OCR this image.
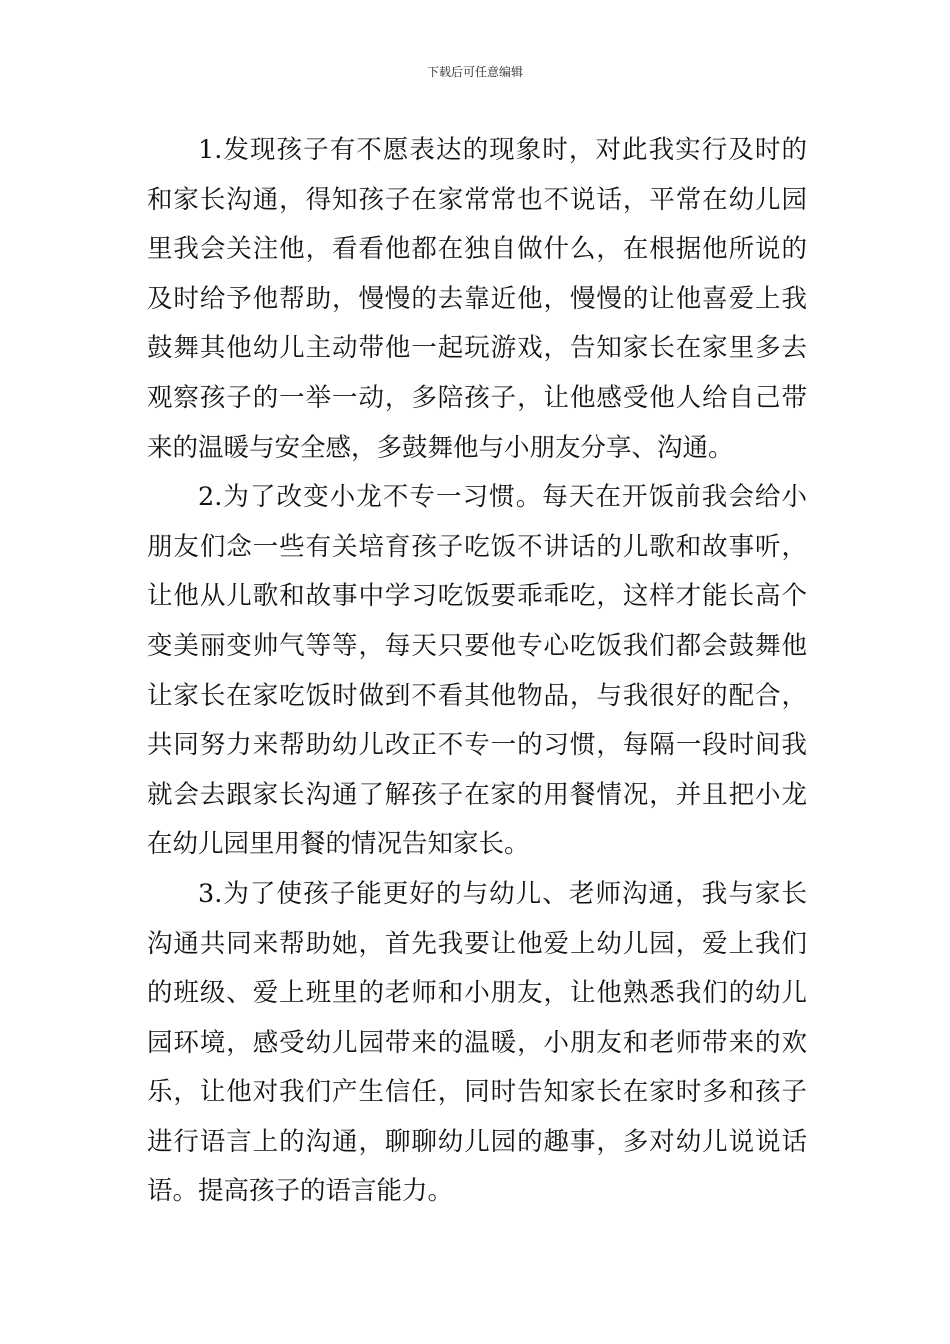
下载后可任意编辑

1.发现孩子有不愿表达的现象时，对此我实行及时的和家长沟通，得知孩子在家常常也不说话，平常在幼儿园里我会关注他，看看他都在独自做什么，在根据他所说的及时给予他帮助，慢慢的去靠近他，慢慢的让他喜爱上我鼓舞其他幼儿主动带他一起玩游戏，告知家长在家里多去观察孩子的一举一动，多陪孩子，让他感受他人给自己带来的温暖与安全感，多鼓舞他与小朋友分享、沟通。

2.为了改变小龙不专一习惯。每天在开饭前我会给小朋友们念一些有关培育孩子吃饭不讲话的儿歌和故事听，让他从儿歌和故事中学习吃饭要乖乖吃，这样才能长高个变美丽变帅气等等，每天只要他专心吃饭我们都会鼓舞他让家长在家吃饭时做到不看其他物品，与我很好的配合，共同努力来帮助幼儿改正不专一的习惯，每隔一段时间我就会去跟家长沟通了解孩子在家的用餐情况，并且把小龙在幼儿园里用餐的情况告知家长。

3.为了使孩子能更好的与幼儿、老师沟通，我与家长沟通共同来帮助她，首先我要让他爱上幼儿园，爱上我们的班级、爱上班里的老师和小朋友，让他熟悉我们的幼儿园环境，感受幼儿园带来的温暖，小朋友和老师带来的欢乐，让他对我们产生信任，同时告知家长在家时多和孩子进行语言上的沟通，聊聊幼儿园的趣事，多对幼儿说说话语。提高孩子的语言能力。
